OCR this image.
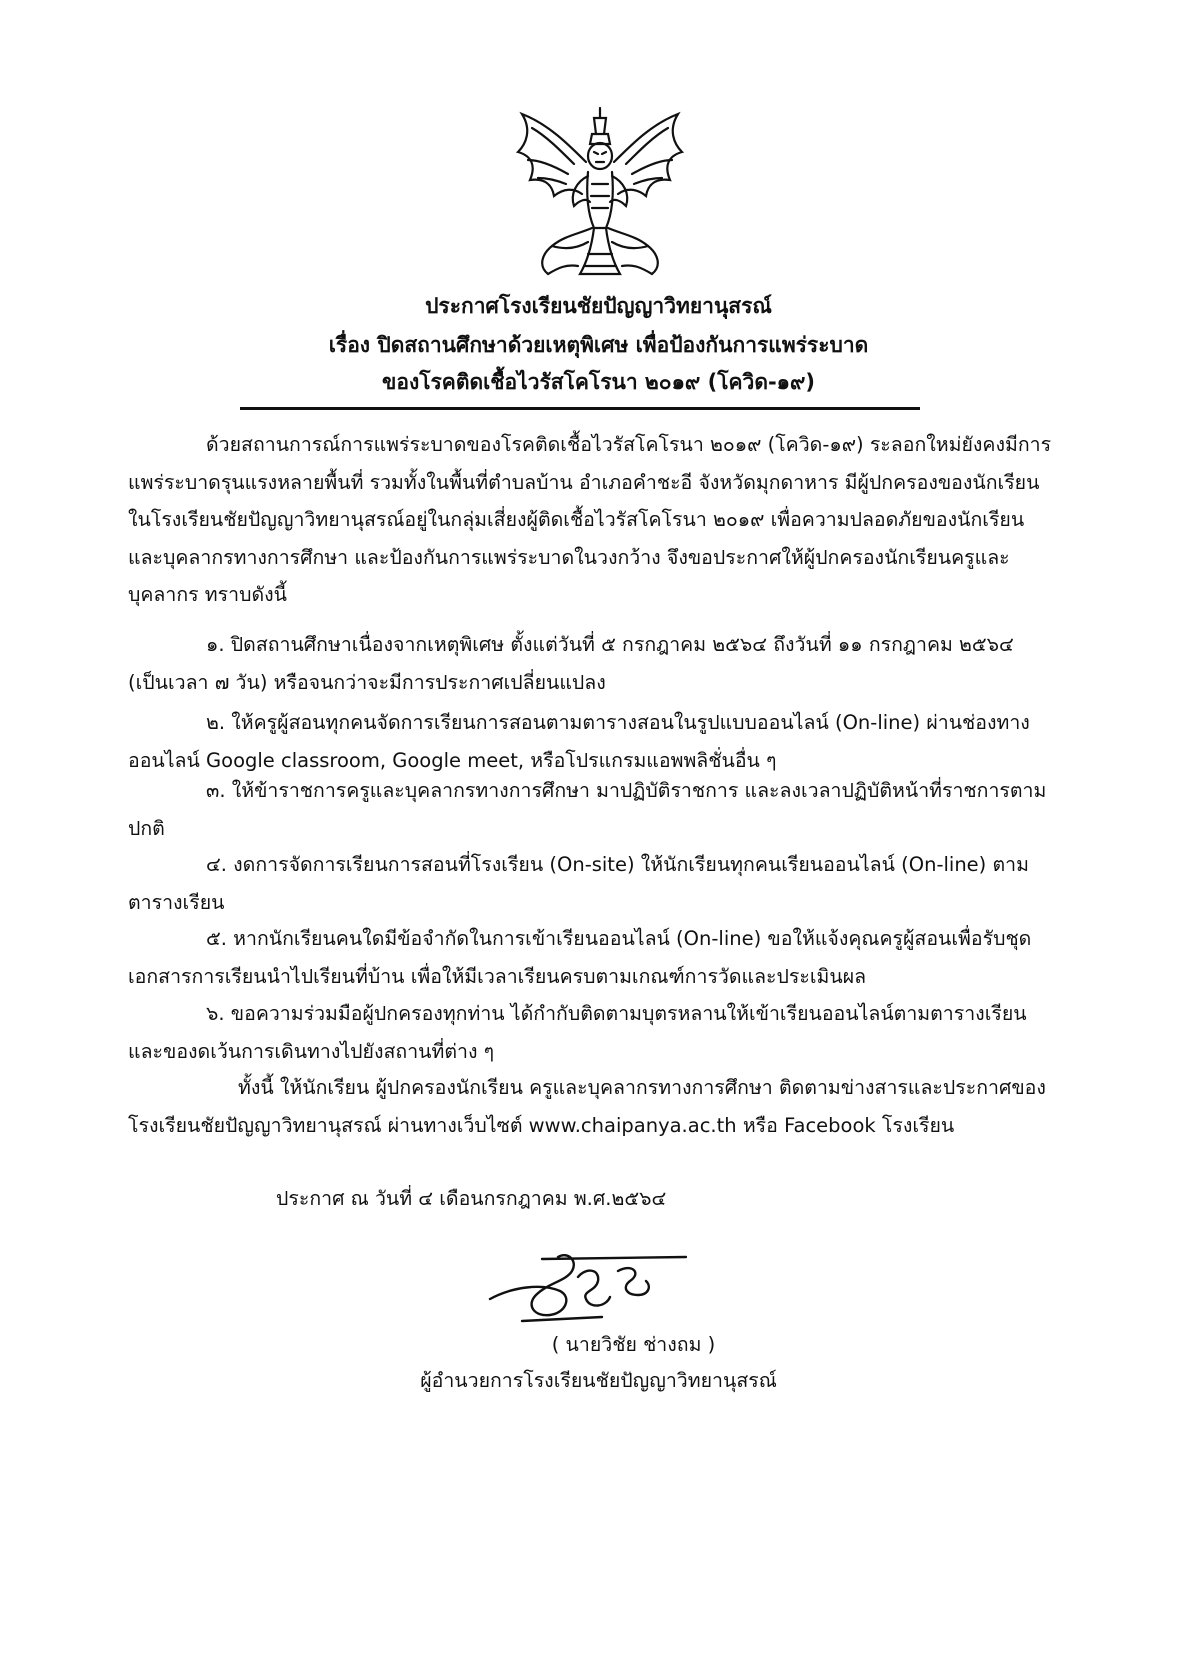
ประกาศโรงเรียนชัยปัญญาวิทยานุสรณ์
เรื่อง ปิดสถานศึกษาด้วยเหตุพิเศษ เพื่อป้องกันการแพร่ระบาด
ของโรคติดเชื้อไวรัสโคโรนา ๒๐๑๙ (โควิด-๑๙)
ด้วยสถานการณ์การแพร่ระบาดของโรคติดเชื้อไวรัสโคโรนา ๒๐๑๙ (โควิด-๑๙) ระลอกใหม่ยังคงมีการแพร่ระบาดรุนแรงหลายพื้นที่ รวมทั้งในพื้นที่ตำบลบ้าน อำเภอคำชะอี จังหวัดมุกดาหาร มีผู้ปกครองของนักเรียนในโรงเรียนชัยปัญญาวิทยานุสรณ์อยู่ในกลุ่มเสี่ยงผู้ติดเชื้อไวรัสโคโรนา ๒๐๑๙ เพื่อความปลอดภัยของนักเรียนและบุคลากรทางการศึกษา และป้องกันการแพร่ระบาดในวงกว้าง จึงขอประกาศให้ผู้ปกครองนักเรียนครูและบุคลากร ทราบดังนี้
๑. ปิดสถานศึกษาเนื่องจากเหตุพิเศษ ตั้งแต่วันที่ ๕ กรกฎาคม ๒๕๖๔ ถึงวันที่ ๑๑ กรกฎาคม ๒๕๖๔ (เป็นเวลา ๗ วัน) หรือจนกว่าจะมีการประกาศเปลี่ยนแปลง
๒. ให้ครูผู้สอนทุกคนจัดการเรียนการสอนตามตารางสอนในรูปแบบออนไลน์ (On-line) ผ่านช่องทางออนไลน์ Google classroom, Google meet, หรือโปรแกรมแอพพลิชั่นอื่น ๆ
๓. ให้ข้าราชการครูและบุคลากรทางการศึกษา มาปฏิบัติราชการ และลงเวลาปฏิบัติหน้าที่ราชการตามปกติ
๔. งดการจัดการเรียนการสอนที่โรงเรียน (On-site) ให้นักเรียนทุกคนเรียนออนไลน์ (On-line) ตามตารางเรียน
๕. หากนักเรียนคนใดมีข้อจำกัดในการเข้าเรียนออนไลน์ (On-line) ขอให้แจ้งคุณครูผู้สอนเพื่อรับชุดเอกสารการเรียนนำไปเรียนที่บ้าน เพื่อให้มีเวลาเรียนครบตามเกณฑ์การวัดและประเมินผล
๖. ขอความร่วมมือผู้ปกครองทุกท่าน ได้กำกับติดตามบุตรหลานให้เข้าเรียนออนไลน์ตามตารางเรียนและของดเว้นการเดินทางไปยังสถานที่ต่าง ๆ
ทั้งนี้ ให้นักเรียน ผู้ปกครองนักเรียน ครูและบุคลากรทางการศึกษา ติดตามข่างสารและประกาศของโรงเรียนชัยปัญญาวิทยานุสรณ์ ผ่านทางเว็บไซต์ www.chaipanya.ac.th หรือ Facebook โรงเรียน
ประกาศ ณ วันที่ ๔ เดือนกรกฎาคม พ.ศ.๒๕๖๔
( นายวิชัย ช่างถม )
ผู้อำนวยการโรงเรียนชัยปัญญาวิทยานุสรณ์
